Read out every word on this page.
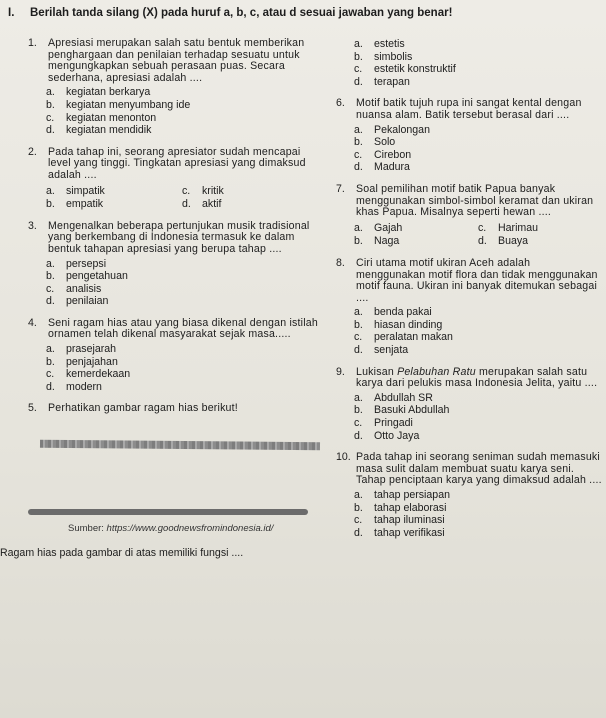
I. Berilah tanda silang (X) pada huruf a, b, c, atau d sesuai jawaban yang benar!
1.	Apresiasi merupakan salah satu bentuk memberikan penghargaan dan penilaian terhadap sesuatu untuk mengungkapkan sebuah perasaan puas. Secara sederhana, apresiasi adalah ....
a.	kegiatan berkarya
b.	kegiatan menyumbang ide
c.	kegiatan menonton
d.	kegiatan mendidik
2.	Pada tahap ini, seorang apresiator sudah mencapai level yang tinggi. Tingkatan apresiasi yang dimaksud adalah ....
a.	simpatik	c.	kritik
b.	empatik	d.	aktif
3.	Mengenalkan beberapa pertunjukan musik tradisional yang berkembang di Indonesia termasuk ke dalam bentuk tahapan apresiasi yang berupa tahap ....
a.	persepsi
b.	pengetahuan
c.	analisis
d.	penilaian
4.	Seni ragam hias atau yang biasa dikenal dengan istilah ornamen telah dikenal masyarakat sejak masa.....
a.	prasejarah
b.	penjajahan
c.	kemerdekaan
d.	modern
5.	Perhatikan gambar ragam hias berikut!
Sumber: https://www.goodnewsfromindonesia.id/
Ragam hias pada gambar di atas memiliki fungsi ....
a.	estetis
b.	simbolis
c.	estetik konstruktif
d.	terapan
6.	Motif batik tujuh rupa ini sangat kental dengan nuansa alam. Batik tersebut berasal dari ....
a.	Pekalongan
b.	Solo
c.	Cirebon
d.	Madura
7.	Soal pemilihan motif batik Papua banyak menggunakan simbol-simbol keramat dan ukiran khas Papua. Misalnya seperti hewan ....
a.	Gajah	c.	Harimau
b.	Naga	d.	Buaya
8.	Ciri utama motif ukiran Aceh adalah menggunakan motif flora dan tidak menggunakan motif fauna. Ukiran ini banyak ditemukan sebagai ....
a.	benda pakai
b.	hiasan dinding
c.	peralatan makan
d.	senjata
9.	Lukisan Pelabuhan Ratu merupakan salah satu karya dari pelukis masa Indonesia Jelita, yaitu ....
a.	Abdullah SR
b.	Basuki Abdullah
c.	Pringadi
d.	Otto Jaya
10. Pada tahap ini seorang seniman sudah memasuki masa sulit dalam membuat suatu karya seni. Tahap penciptaan karya yang dimaksud adalah ....
a.	tahap persiapan
b.	tahap elaborasi
c.	tahap iluminasi
d.	tahap verifikasi
